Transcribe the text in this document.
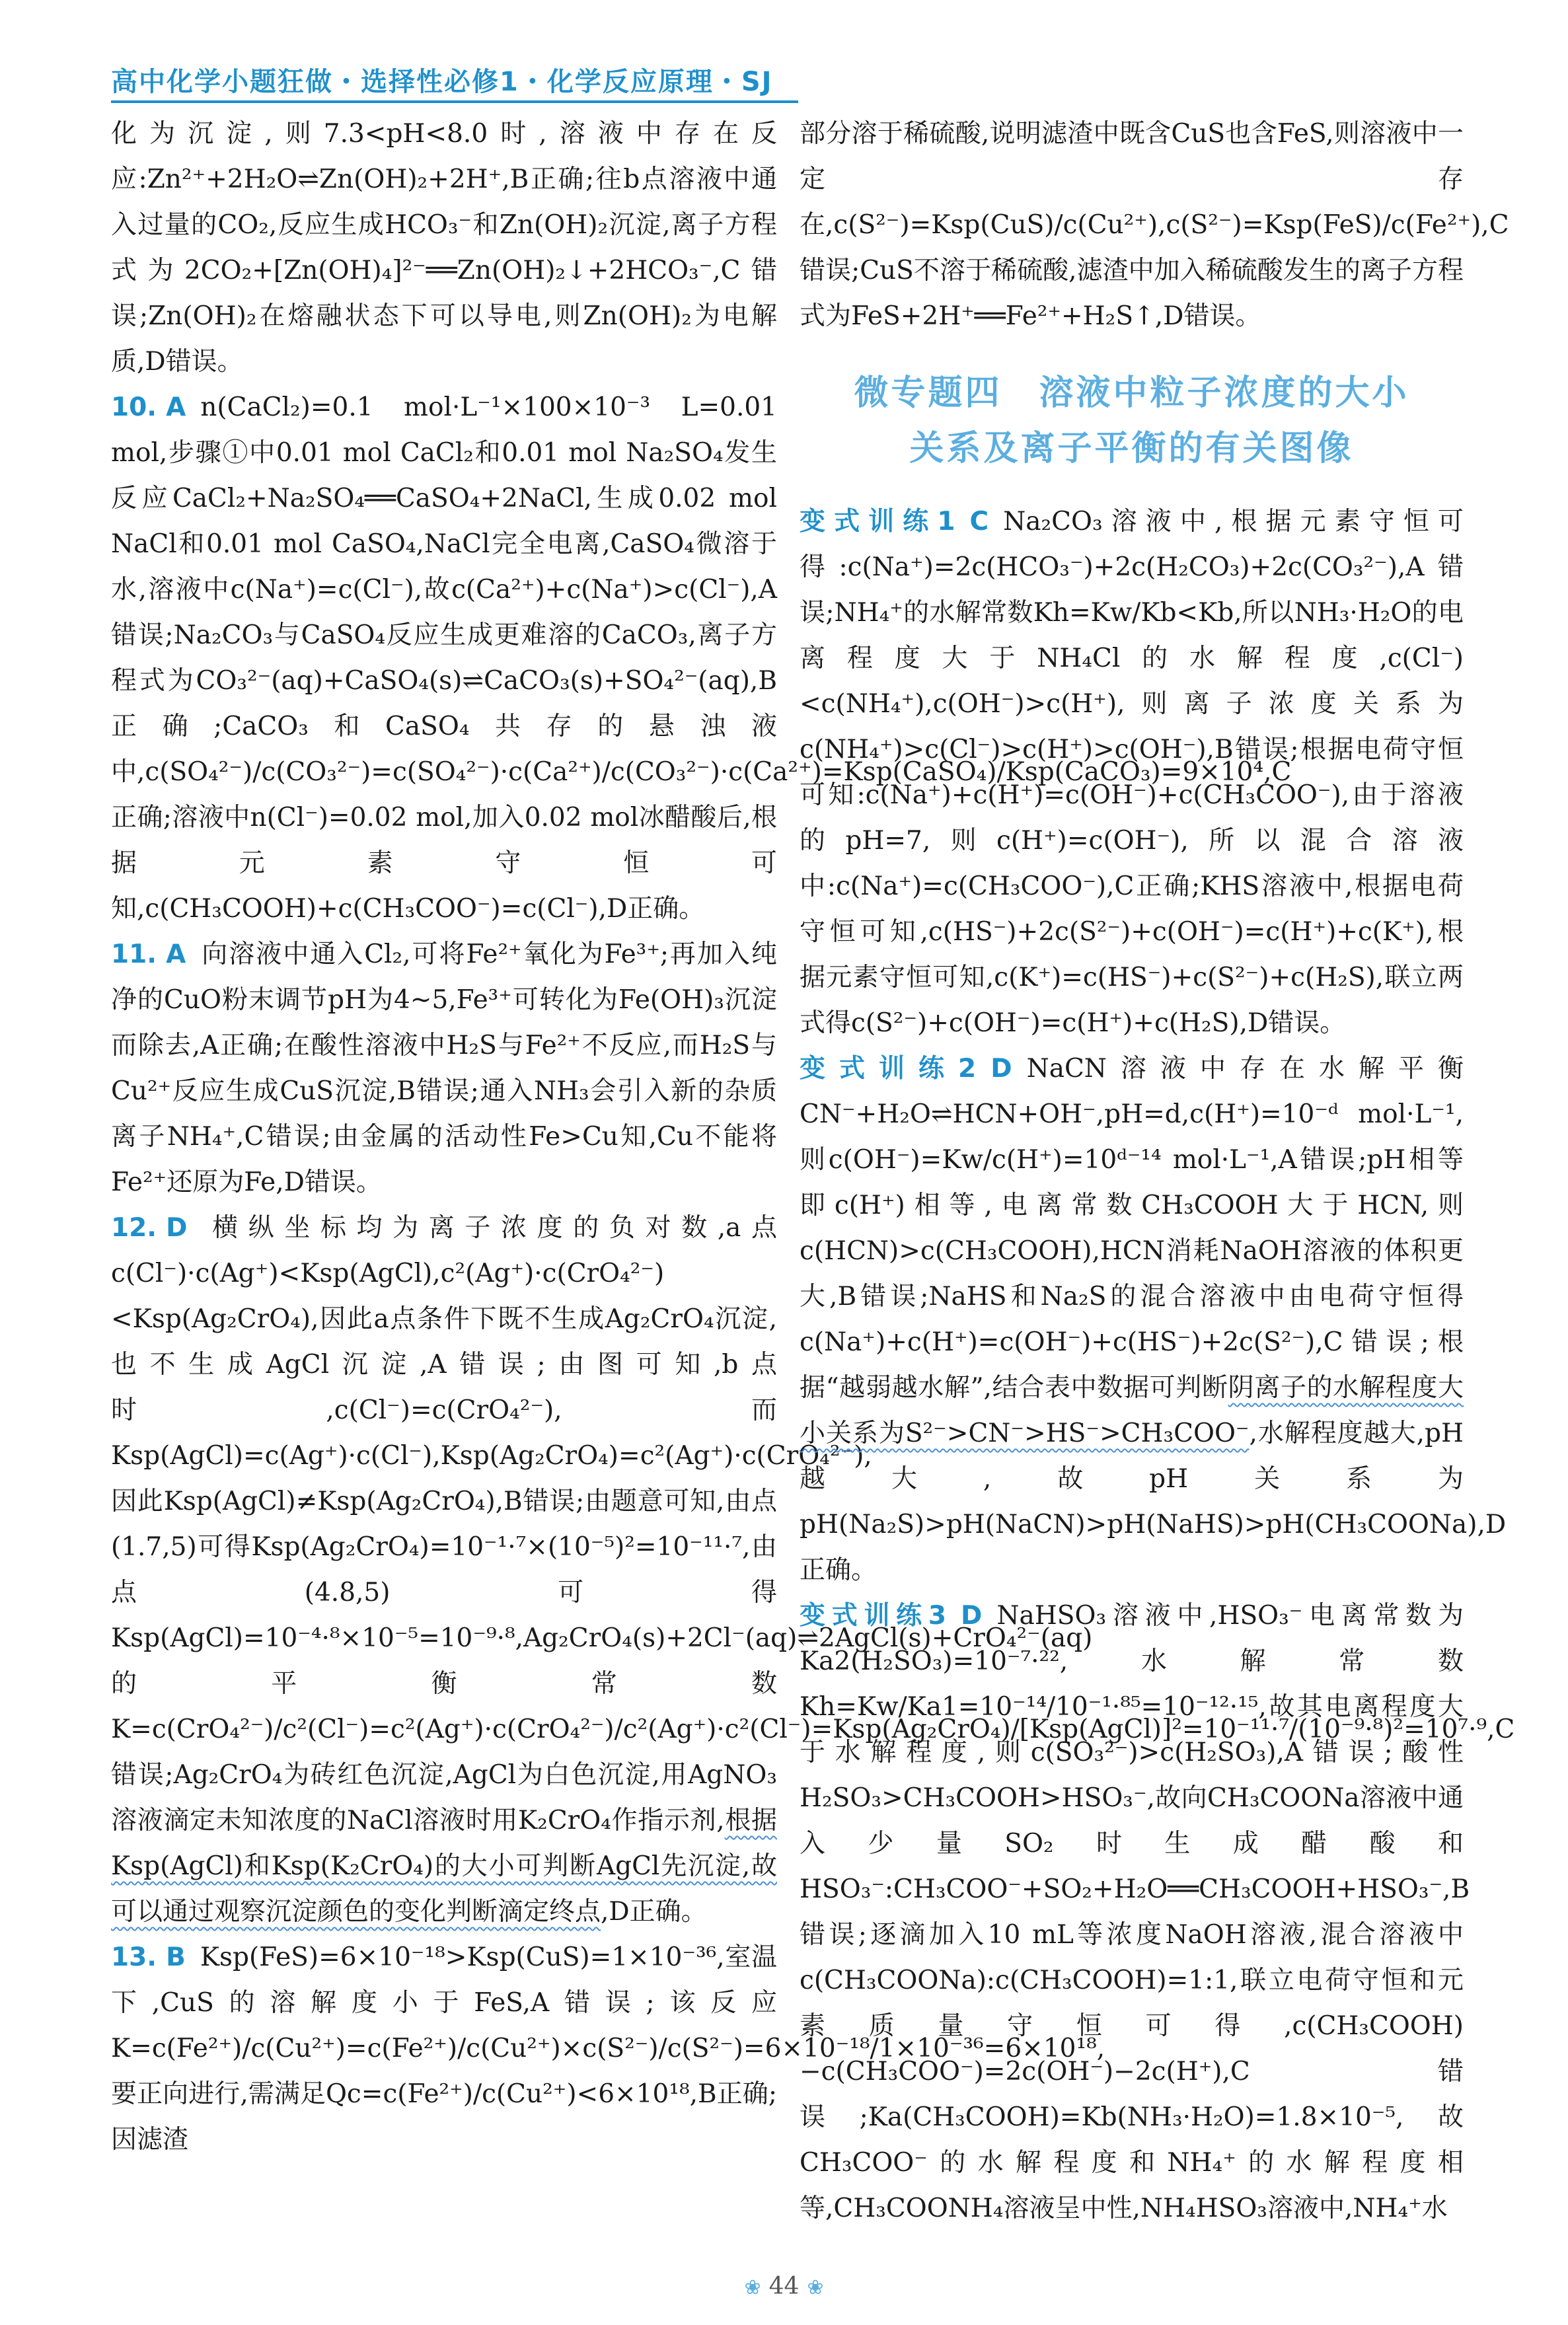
高中化学小题狂做・选择性必修1・化学反应原理・SJ

化为沉淀,则7.3<pH<8.0时,溶液中存在反应:Zn²⁺+2H₂O⇌Zn(OH)₂+2H⁺,B正确;往b点溶液中通入过量的CO₂,反应生成HCO₃⁻和Zn(OH)₂沉淀,离子方程式为2CO₂+[Zn(OH)₄]²⁻══Zn(OH)₂↓+2HCO₃⁻,C错误;Zn(OH)₂在熔融状态下可以导电,则Zn(OH)₂为电解质,D错误。

10. A n(CaCl₂)=0.1 mol·L⁻¹×100×10⁻³ L=0.01 mol,步骤①中0.01 mol CaCl₂和0.01 mol Na₂SO₄发生反应CaCl₂+Na₂SO₄══CaSO₄+2NaCl,生成0.02 mol NaCl和0.01 mol CaSO₄,NaCl完全电离,CaSO₄微溶于水,溶液中c(Na⁺)=c(Cl⁻),故c(Ca²⁺)+c(Na⁺)>c(Cl⁻),A错误;Na₂CO₃与CaSO₄反应生成更难溶的CaCO₃,离子方程式为CO₃²⁻(aq)+CaSO₄(s)⇌CaCO₃(s)+SO₄²⁻(aq),B正确;CaCO₃和CaSO₄共存的悬浊液中,c(SO₄²⁻)/c(CO₃²⁻)=c(SO₄²⁻)·c(Ca²⁺)/c(CO₃²⁻)·c(Ca²⁺)=Ksp(CaSO₄)/Ksp(CaCO₃)=9×10⁴,C正确;溶液中n(Cl⁻)=0.02 mol,加入0.02 mol冰醋酸后,根据元素守恒可知,c(CH₃COOH)+c(CH₃COO⁻)=c(Cl⁻),D正确。

11. A 向溶液中通入Cl₂,可将Fe²⁺氧化为Fe³⁺;再加入纯净的CuO粉末调节pH为4~5,Fe³⁺可转化为Fe(OH)₃沉淀而除去,A正确;在酸性溶液中H₂S与Fe²⁺不反应,而H₂S与Cu²⁺反应生成CuS沉淀,B错误;通入NH₃会引入新的杂质离子NH₄⁺,C错误;由金属的活动性Fe>Cu知,Cu不能将Fe²⁺还原为Fe,D错误。

12. D 横纵坐标均为离子浓度的负对数,a点c(Cl⁻)·c(Ag⁺)<Ksp(AgCl),c²(Ag⁺)·c(CrO₄²⁻)<Ksp(Ag₂CrO₄),因此a点条件下既不生成Ag₂CrO₄沉淀,也不生成AgCl沉淀,A错误;由图可知,b点时,c(Cl⁻)=c(CrO₄²⁻),而Ksp(AgCl)=c(Ag⁺)·c(Cl⁻),Ksp(Ag₂CrO₄)=c²(Ag⁺)·c(CrO₄²⁻),因此Ksp(AgCl)≠Ksp(Ag₂CrO₄),B错误;由题意可知,由点(1.7,5)可得Ksp(Ag₂CrO₄)=10⁻¹·⁷×(10⁻⁵)²=10⁻¹¹·⁷,由点(4.8,5)可得Ksp(AgCl)=10⁻⁴·⁸×10⁻⁵=10⁻⁹·⁸,Ag₂CrO₄(s)+2Cl⁻(aq)⇌2AgCl(s)+CrO₄²⁻(aq)的平衡常数K=c(CrO₄²⁻)/c²(Cl⁻)=c²(Ag⁺)·c(CrO₄²⁻)/c²(Ag⁺)·c²(Cl⁻)=Ksp(Ag₂CrO₄)/[Ksp(AgCl)]²=10⁻¹¹·⁷/(10⁻⁹·⁸)²=10⁷·⁹,C错误;Ag₂CrO₄为砖红色沉淀,AgCl为白色沉淀,用AgNO₃溶液滴定未知浓度的NaCl溶液时用K₂CrO₄作指示剂,根据Ksp(AgCl)和Ksp(K₂CrO₄)的大小可判断AgCl先沉淀,故可以通过观察沉淀颜色的变化判断滴定终点,D正确。

13. B Ksp(FeS)=6×10⁻¹⁸>Ksp(CuS)=1×10⁻³⁶,室温下,CuS的溶解度小于FeS,A错误;该反应K=c(Fe²⁺)/c(Cu²⁺)=c(Fe²⁺)/c(Cu²⁺)×c(S²⁻)/c(S²⁻)=6×10⁻¹⁸/1×10⁻³⁶=6×10¹⁸,要正向进行,需满足Qc=c(Fe²⁺)/c(Cu²⁺)<6×10¹⁸,B正确;因滤渣

部分溶于稀硫酸,说明滤渣中既含CuS也含FeS,则溶液中一定存在,c(S²⁻)=Ksp(CuS)/c(Cu²⁺),c(S²⁻)=Ksp(FeS)/c(Fe²⁺),C错误;CuS不溶于稀硫酸,滤渣中加入稀硫酸发生的离子方程式为FeS+2H⁺══Fe²⁺+H₂S↑,D错误。

微专题四　溶液中粒子浓度的大小
关系及离子平衡的有关图像

变式训练1 C Na₂CO₃溶液中,根据元素守恒可得:c(Na⁺)=2c(HCO₃⁻)+2c(H₂CO₃)+2c(CO₃²⁻),A错误;NH₄⁺的水解常数Kh=Kw/Kb<Kb,所以NH₃·H₂O的电离程度大于NH₄Cl的水解程度,c(Cl⁻)<c(NH₄⁺),c(OH⁻)>c(H⁺),则离子浓度关系为c(NH₄⁺)>c(Cl⁻)>c(H⁺)>c(OH⁻),B错误;根据电荷守恒可知:c(Na⁺)+c(H⁺)=c(OH⁻)+c(CH₃COO⁻),由于溶液的pH=7,则c(H⁺)=c(OH⁻),所以混合溶液中:c(Na⁺)=c(CH₃COO⁻),C正确;KHS溶液中,根据电荷守恒可知,c(HS⁻)+2c(S²⁻)+c(OH⁻)=c(H⁺)+c(K⁺),根据元素守恒可知,c(K⁺)=c(HS⁻)+c(S²⁻)+c(H₂S),联立两式得c(S²⁻)+c(OH⁻)=c(H⁺)+c(H₂S),D错误。

变式训练2 D NaCN溶液中存在水解平衡CN⁻+H₂O⇌HCN+OH⁻,pH=d,c(H⁺)=10⁻ᵈ mol·L⁻¹,则c(OH⁻)=Kw/c(H⁺)=10ᵈ⁻¹⁴ mol·L⁻¹,A错误;pH相等即c(H⁺)相等,电离常数CH₃COOH大于HCN,则c(HCN)>c(CH₃COOH),HCN消耗NaOH溶液的体积更大,B错误;NaHS和Na₂S的混合溶液中由电荷守恒得c(Na⁺)+c(H⁺)=c(OH⁻)+c(HS⁻)+2c(S²⁻),C错误;根据“越弱越水解”,结合表中数据可判断阴离子的水解程度大小关系为S²⁻>CN⁻>HS⁻>CH₃COO⁻,水解程度越大,pH越大,故pH关系为pH(Na₂S)>pH(NaCN)>pH(NaHS)>pH(CH₃COONa),D正确。

变式训练3 D NaHSO₃溶液中,HSO₃⁻电离常数为Ka2(H₂SO₃)=10⁻⁷·²²,水解常数Kh=Kw/Ka1=10⁻¹⁴/10⁻¹·⁸⁵=10⁻¹²·¹⁵,故其电离程度大于水解程度,则c(SO₃²⁻)>c(H₂SO₃),A错误;酸性H₂SO₃>CH₃COOH>HSO₃⁻,故向CH₃COONa溶液中通入少量SO₂时生成醋酸和HSO₃⁻:CH₃COO⁻+SO₂+H₂O══CH₃COOH+HSO₃⁻,B错误;逐滴加入10 mL等浓度NaOH溶液,混合溶液中c(CH₃COONa):c(CH₃COOH)=1:1,联立电荷守恒和元素质量守恒可得,c(CH₃COOH)−c(CH₃COO⁻)=2c(OH⁻)−2c(H⁺),C错误;Ka(CH₃COOH)=Kb(NH₃·H₂O)=1.8×10⁻⁵,故CH₃COO⁻的水解程度和NH₄⁺的水解程度相等,CH₃COONH₄溶液呈中性,NH₄HSO₃溶液中,NH₄⁺水

❀ 44 ❀
